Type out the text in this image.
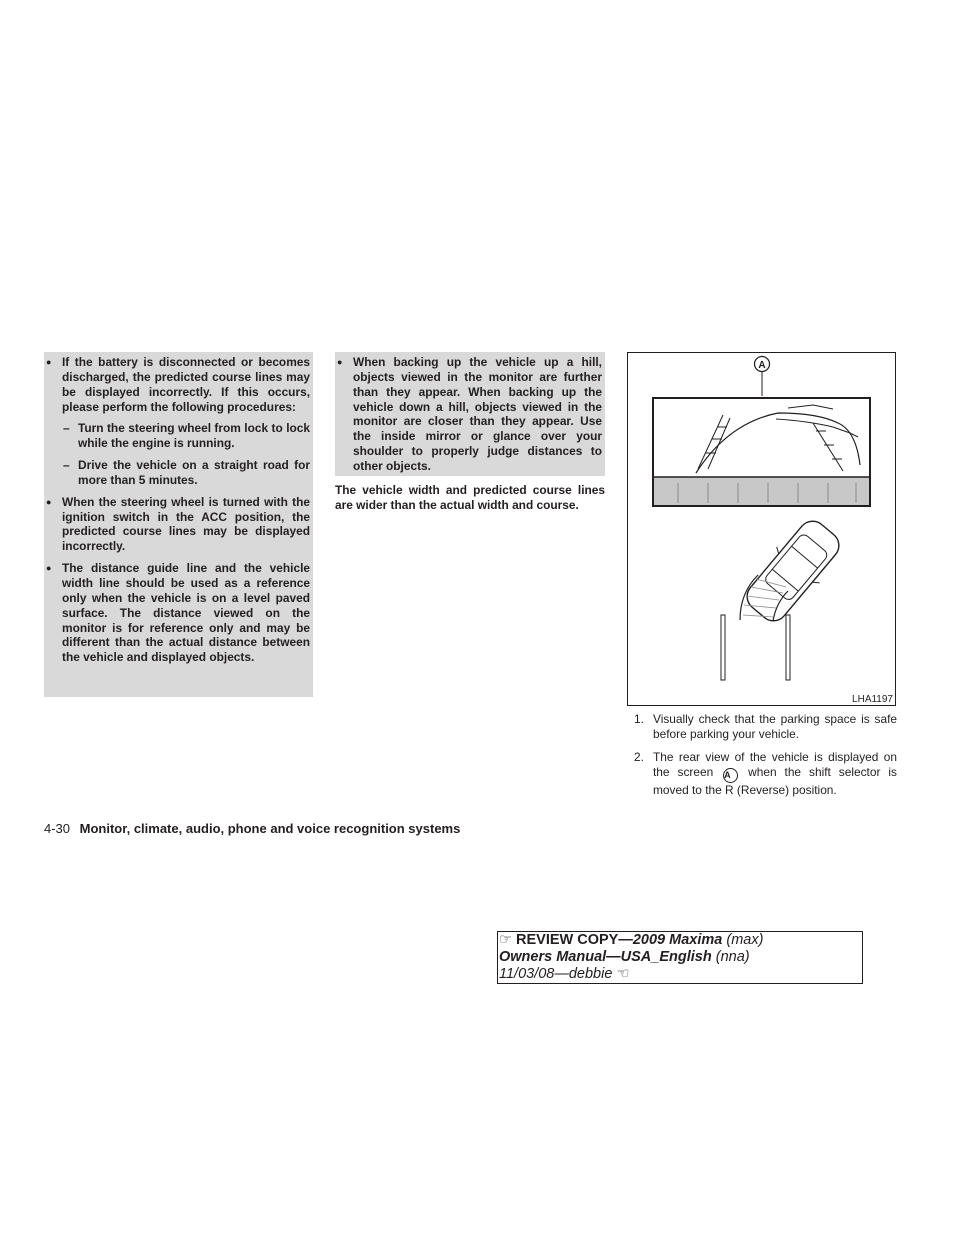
● If the battery is disconnected or becomes discharged, the predicted course lines may be displayed incorrectly. If this occurs, please perform the following procedures:
– Turn the steering wheel from lock to lock while the engine is running.
– Drive the vehicle on a straight road for more than 5 minutes.
● When the steering wheel is turned with the ignition switch in the ACC position, the predicted course lines may be displayed incorrectly.
● The distance guide line and the vehicle width line should be used as a reference only when the vehicle is on a level paved surface. The distance viewed on the monitor is for reference only and may be different than the actual distance between the vehicle and displayed objects.
● When backing up the vehicle up a hill, objects viewed in the monitor are further than they appear. When backing up the vehicle down a hill, objects viewed in the monitor are closer than they appear. Use the inside mirror or glance over your shoulder to properly judge distances to other objects.
The vehicle width and predicted course lines are wider than the actual width and course.
A
LHA1197
1. Visually check that the parking space is safe before parking your vehicle.
2. The rear view of the vehicle is displayed on the screen A when the shift selector is moved to the R (Reverse) position.
4-30 Monitor, climate, audio, phone and voice recognition systems
☞ REVIEW COPY—2009 Maxima (max)
Owners Manual—USA_English (nna)
11/03/08—debbie ☜
